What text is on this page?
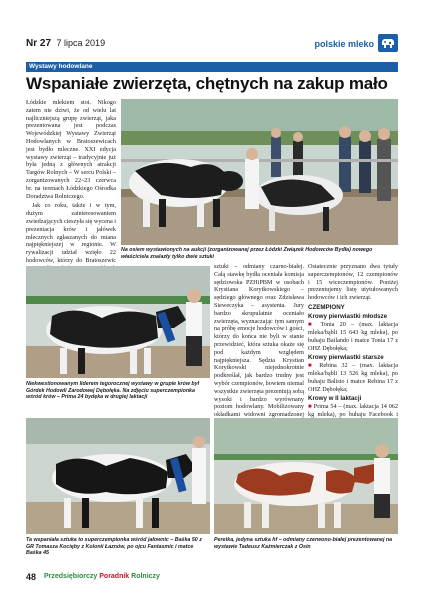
Nr 27 7 lipca 2019	polskie mleko
Wystawy hodowlane
Wspaniałe zwierzęta, chętnych na zakup mało

Łódzkie mlekiem stoi. Nikogo zatem nie dziwi, że od wielu lat najliczniejszą grupę zwierząt, jaka prezentowana jest podczas Wojewódzkiej Wystawy Zwierząt Hodowlanych w Bratoszewicach jest bydło mleczne. XXI edycja wystawy zwierząt – tradycyjnie już była jedną z głównych atrakcji Targów Rolnych – W sercu Polski – zorganizowanych 22–23 czerwca br. na terenach Łódzkiego Ośrodka Doradztwa Rolniczego.

Jak co roku, także i w tym, dużym zainteresowaniem zwiedzających cieszyła się wycena i prezentacja krów i jałówek mlecznych zgłaszanych do miana najpiękniejszej w regionie. W rywalizacji udział wzięło 22 hodowców, którzy do Bratoszewic

Na osiem wystawionych na aukcji (zorganizowanej przez Łódzki Związek Hodowców Bydła) nowego właściciela znalazły tylko dwie sztuki
Niekwestionowanym liderem tegorocznej wystawy w grupie krów był Górdek Hodowli Zarodowej Dębołęka. Na zdjęciu superczempionka wśród krów – Prima 24 bydęka w drugiej laktacji

sztuki – odmiany czarno-białej. Całą stawkę bydła oceniała komisja sędziowska PZHiPBM w osobach Krystiana Korytkowskiego – sędziego głównego oraz Zdzisława Sieweczyka – asystenta. Jury bardzo skrupulatnie oceniało zwierzęta, wyznaczając tym samym na próbę emocje hodowców i gości, którzy do końca nie byli w stanie przewidzieć, która sztuka okaże się pod każdym względem najpiękniejsza. Sędzia Krystian Korytkowski niejednokrotnie podkreślał, jak bardzo trudny jest wybór czempionów, bowiem niemal wszystkie zwierzęta prezentują sobą wysoki i bardzo wyrównany poziom hodowlany. Mobilizowany okładkami widowni zgromadzonej

Ostatecznie przyznano dwa tytuły superczempionów, 12 czempionów i 15 wiceczempionów. Poniżej prezentujemy listę utytułowanych hodowców i ich zwierząt.

CZEMPIONY
Krowy pierwiastki młodsze
■ Tonia 20 – (max. laktacja mleka/bąbli 15 643 kg mleka), po buhaju Bailando i matce Tonia 17 z OHZ Dębołęka;
Krowy pierwiastki starsze
■ Rebina 32 – (max. laktacja mleka/bąbli 13 526 kg mleka), po buhaju Balisto i matce Rebina 17 z OHZ Dębołęka;
Krowy w II laktacji
■ Prima 54 – (max. laktacja 14 062 kg mleka), po buhaju Facebook i
Ta wspaniała sztuka to superczempionka wśród jałownic – Baśka 50 z GR Tomasza Kocięby z Kolonii Łaznów, po ojcu Fantasmic i matce Baśka 45
Peretka, jedyna sztuka hf – odmiany czerwono-białej prezentowanej na wystawie Tadeusz Kaźmierczak z Osin
48 Przedsiębiorczy Poradnik Rolniczy
